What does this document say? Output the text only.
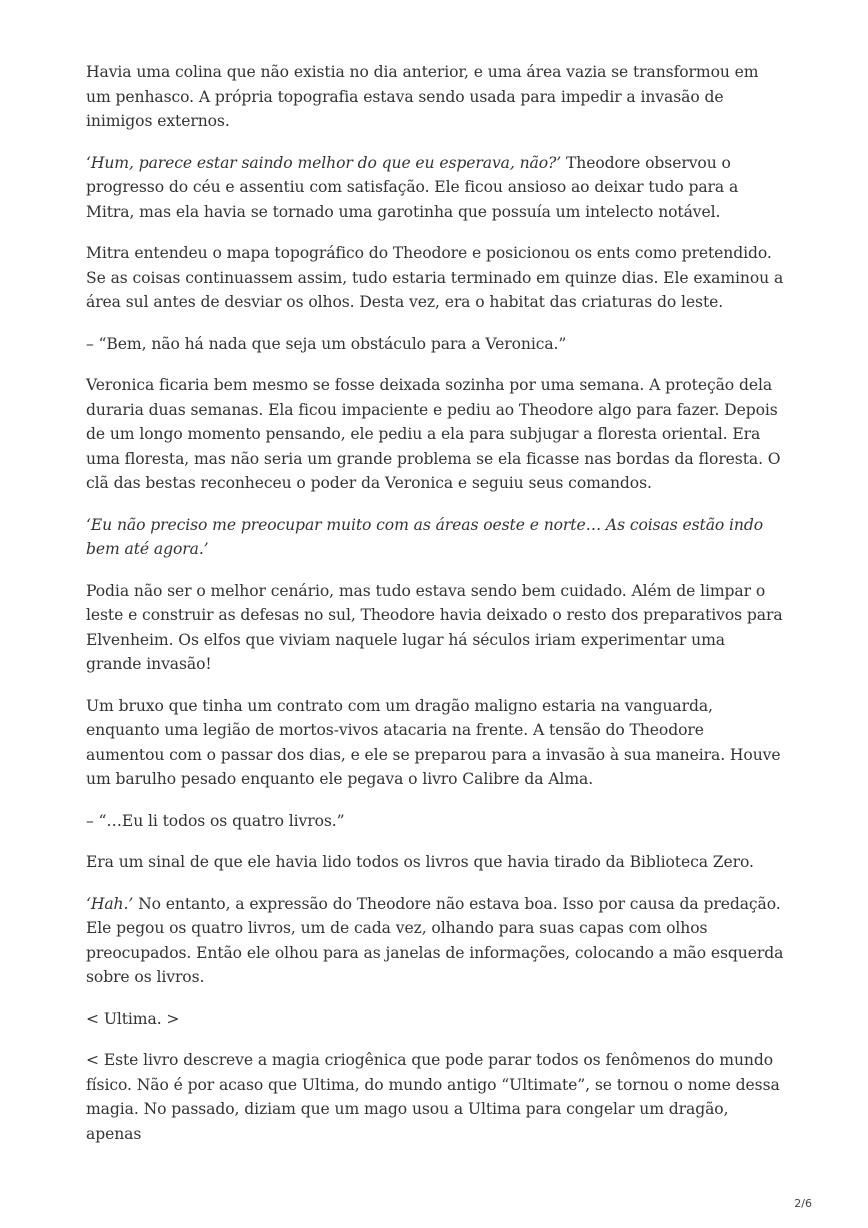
Havia uma colina que não existia no dia anterior, e uma área vazia se transformou em um penhasco. A própria topografia estava sendo usada para impedir a invasão de inimigos externos.

‘Hum, parece estar saindo melhor do que eu esperava, não?’ Theodore observou o progresso do céu e assentiu com satisfação. Ele ficou ansioso ao deixar tudo para a Mitra, mas ela havia se tornado uma garotinha que possuía um intelecto notável.

Mitra entendeu o mapa topográfico do Theodore e posicionou os ents como pretendido. Se as coisas continuassem assim, tudo estaria terminado em quinze dias. Ele examinou a área sul antes de desviar os olhos. Desta vez, era o habitat das criaturas do leste.

– “Bem, não há nada que seja um obstáculo para a Veronica.”

Veronica ficaria bem mesmo se fosse deixada sozinha por uma semana. A proteção dela duraria duas semanas. Ela ficou impaciente e pediu ao Theodore algo para fazer. Depois de um longo momento pensando, ele pediu a ela para subjugar a floresta oriental. Era uma floresta, mas não seria um grande problema se ela ficasse nas bordas da floresta. O clã das bestas reconheceu o poder da Veronica e seguiu seus comandos.

‘Eu não preciso me preocupar muito com as áreas oeste e norte… As coisas estão indo bem até agora.’

Podia não ser o melhor cenário, mas tudo estava sendo bem cuidado. Além de limpar o leste e construir as defesas no sul, Theodore havia deixado o resto dos preparativos para Elvenheim. Os elfos que viviam naquele lugar há séculos iriam experimentar uma grande invasão!

Um bruxo que tinha um contrato com um dragão maligno estaria na vanguarda, enquanto uma legião de mortos-vivos atacaria na frente. A tensão do Theodore aumentou com o passar dos dias, e ele se preparou para a invasão à sua maneira. Houve um barulho pesado enquanto ele pegava o livro Calibre da Alma.

– “…Eu li todos os quatro livros.”

Era um sinal de que ele havia lido todos os livros que havia tirado da Biblioteca Zero.

‘Hah.’ No entanto, a expressão do Theodore não estava boa. Isso por causa da predação. Ele pegou os quatro livros, um de cada vez, olhando para suas capas com olhos preocupados. Então ele olhou para as janelas de informações, colocando a mão esquerda sobre os livros.

< Ultima. >

< Este livro descreve a magia criogênica que pode parar todos os fenômenos do mundo físico. Não é por acaso que Ultima, do mundo antigo “Ultimate”, se tornou o nome dessa magia. No passado, diziam que um mago usou a Ultima para congelar um dragão, apenas

2/6
